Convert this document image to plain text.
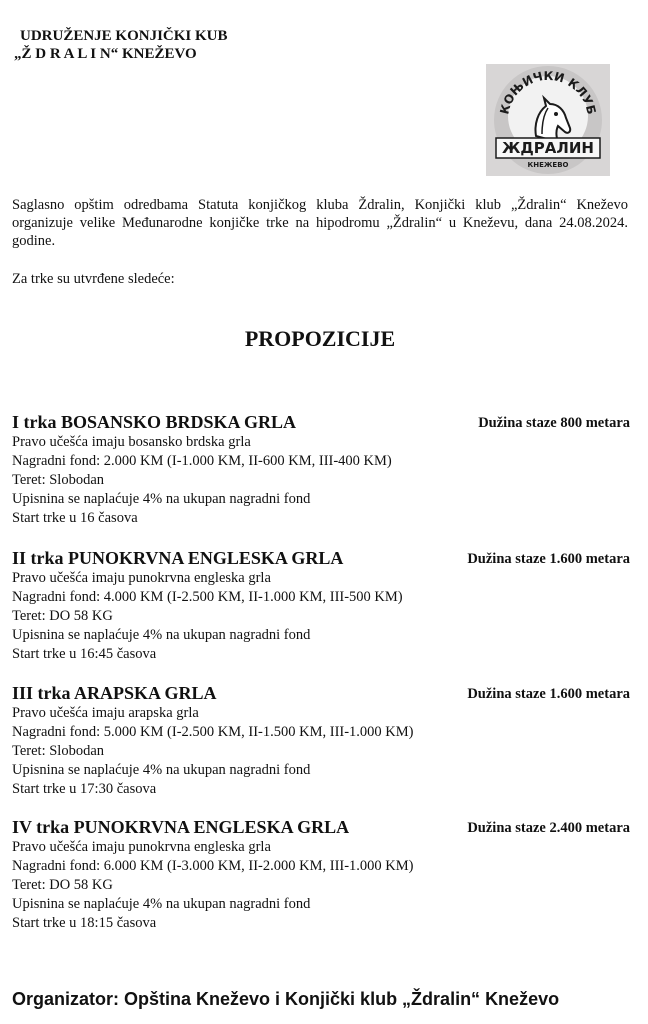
UDRUŽENJE KONJIČKI KUB
„Ž D R A L I N“ KNEŽEVO
КОЊИЧКИ КЛУБ
ЖДРАЛИН
КНЕЖЕВО

Saglasno opštim odredbama Statuta konjičkog kluba Ždralin, Konjički klub „Ždralin“ Kneževo organizuje velike Međunarodne konjičke trke na hipodromu „Ždralin“ u Kneževu, dana 24.08.2024. godine.

Za trke su utvrđene sledeće:

PROPOZICIJE
I trka BOSANSKO BRDSKA GRLA	Dužina staze 800 metara
Pravo učešća imaju bosansko brdska grla
Nagradni fond: 2.000 KM (I-1.000 KM, II-600 KM, III-400 KM)
Teret: Slobodan
Upisnina se naplaćuje 4% na ukupan nagradni fond
Start trke u 16 časova
II trka PUNOKRVNA ENGLESKA GRLA	Dužina staze 1.600 metara
Pravo učešća imaju punokrvna engleska grla
Nagradni fond: 4.000 KM (I-2.500 KM, II-1.000 KM, III-500 KM)
Teret: DO 58 KG
Upisnina se naplaćuje 4% na ukupan nagradni fond
Start trke u 16:45 časova
III trka ARAPSKA GRLA	Dužina staze 1.600 metara
Pravo učešća imaju arapska grla
Nagradni fond: 5.000 KM (I-2.500 KM, II-1.500 KM, III-1.000 KM)
Teret: Slobodan
Upisnina se naplaćuje 4% na ukupan nagradni fond
Start trke u 17:30 časova
IV trka PUNOKRVNA ENGLESKA GRLA	Dužina staze 2.400 metara
Pravo učešća imaju punokrvna engleska grla
Nagradni fond: 6.000 KM (I-3.000 KM, II-2.000 KM, III-1.000 KM)
Teret: DO 58 KG
Upisnina se naplaćuje 4% na ukupan nagradni fond
Start trke u 18:15 časova
Organizator: Opština Kneževo i Konjički klub „Ždralin“ Kneževo
